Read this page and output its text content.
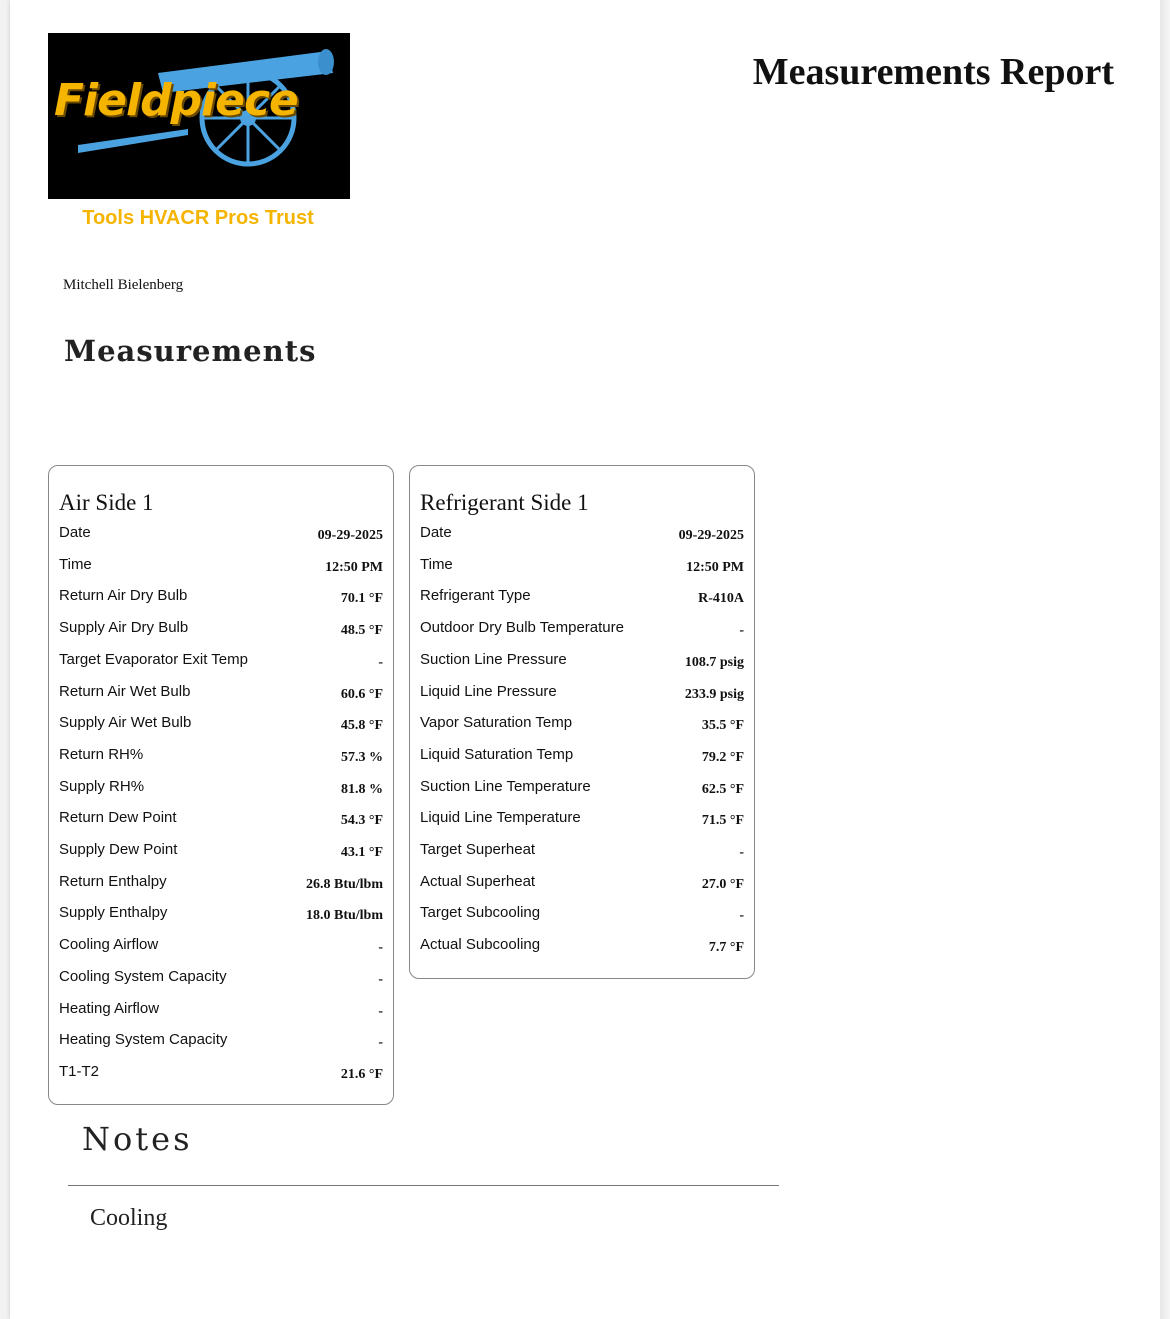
Fieldpiece
Tools HVACR Pros Trust
Measurements Report
Mitchell Bielenberg
Measurements
Air Side 1
Date	09-29-2025
Time	12:50 PM
Return Air Dry Bulb	70.1 °F
Supply Air Dry Bulb	48.5 °F
Target Evaporator Exit Temp	-
Return Air Wet Bulb	60.6 °F
Supply Air Wet Bulb	45.8 °F
Return RH%	57.3 %
Supply RH%	81.8 %
Return Dew Point	54.3 °F
Supply Dew Point	43.1 °F
Return Enthalpy	26.8 Btu/lbm
Supply Enthalpy	18.0 Btu/lbm
Cooling Airflow	-
Cooling System Capacity	-
Heating Airflow	-
Heating System Capacity	-
T1-T2	21.6 °F
Refrigerant Side 1
Date	09-29-2025
Time	12:50 PM
Refrigerant Type	R-410A
Outdoor Dry Bulb Temperature	-
Suction Line Pressure	108.7 psig
Liquid Line Pressure	233.9 psig
Vapor Saturation Temp	35.5 °F
Liquid Saturation Temp	79.2 °F
Suction Line Temperature	62.5 °F
Liquid Line Temperature	71.5 °F
Target Superheat	-
Actual Superheat	27.0 °F
Target Subcooling	-
Actual Subcooling	7.7 °F
Notes
Cooling
